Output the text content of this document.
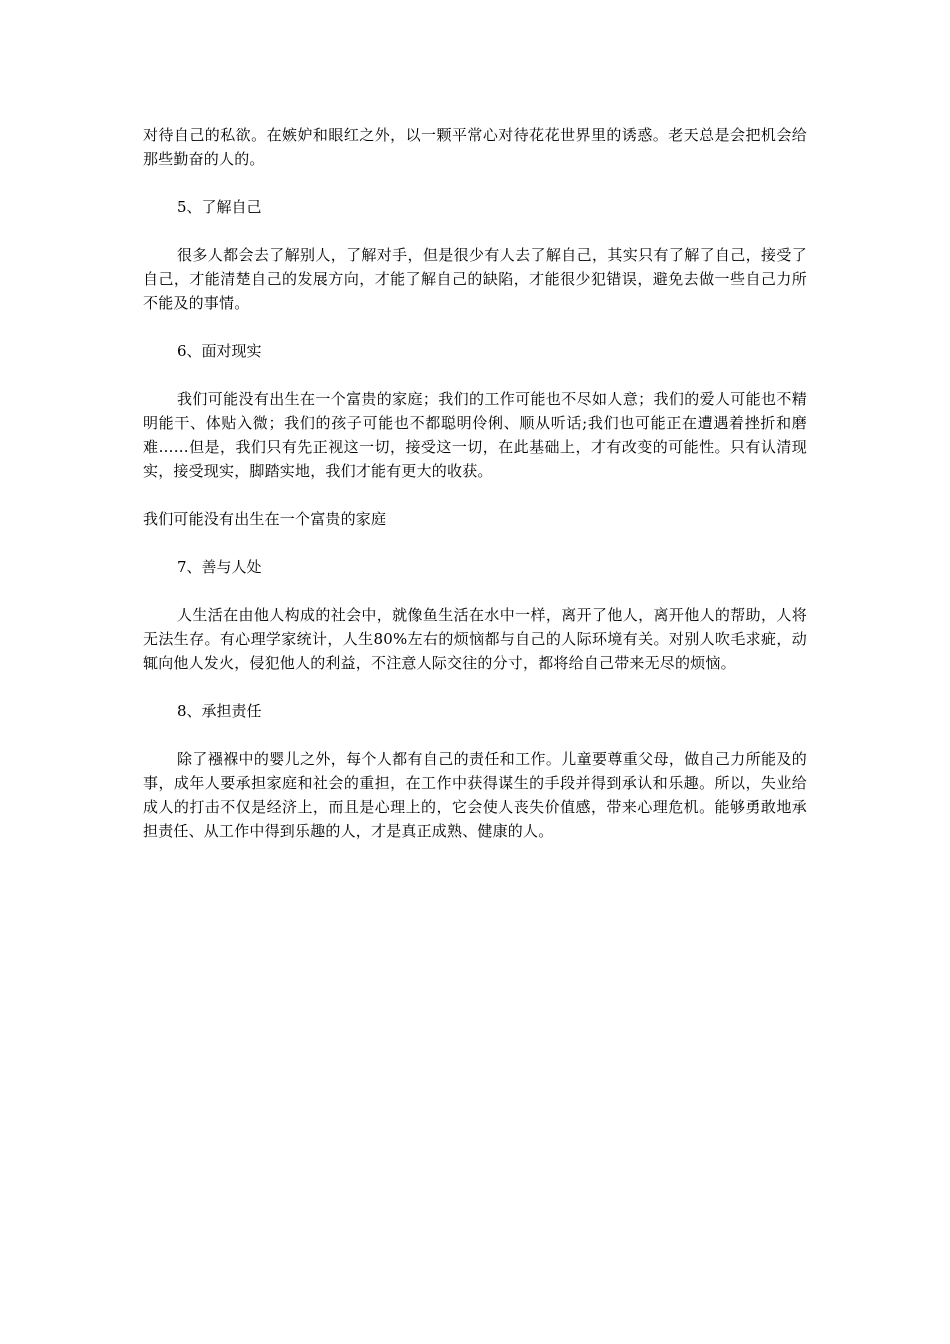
对待自己的私欲。在嫉妒和眼红之外，以一颗平常心对待花花世界里的诱惑。老天总是会把机会给那些勤奋的人的。

5、了解自己

很多人都会去了解别人，了解对手，但是很少有人去了解自己，其实只有了解了自己，接受了自己，才能清楚自己的发展方向，才能了解自己的缺陷，才能很少犯错误，避免去做一些自己力所不能及的事情。

6、面对现实

我们可能没有出生在一个富贵的家庭；我们的工作可能也不尽如人意；我们的爱人可能也不精明能干、体贴入微；我们的孩子可能也不都聪明伶俐、顺从听话;我们也可能正在遭遇着挫折和磨难……但是，我们只有先正视这一切，接受这一切，在此基础上，才有改变的可能性。只有认清现实，接受现实，脚踏实地，我们才能有更大的收获。

我们可能没有出生在一个富贵的家庭

7、善与人处

人生活在由他人构成的社会中，就像鱼生活在水中一样，离开了他人，离开他人的帮助，人将无法生存。有心理学家统计，人生80%左右的烦恼都与自己的人际环境有关。对别人吹毛求疵，动辄向他人发火，侵犯他人的利益，不注意人际交往的分寸，都将给自己带来无尽的烦恼。

8、承担责任

除了襁褓中的婴儿之外，每个人都有自己的责任和工作。儿童要尊重父母，做自己力所能及的事，成年人要承担家庭和社会的重担，在工作中获得谋生的手段并得到承认和乐趣。所以，失业给成人的打击不仅是经济上，而且是心理上的，它会使人丧失价值感，带来心理危机。能够勇敢地承担责任、从工作中得到乐趣的人，才是真正成熟、健康的人。
